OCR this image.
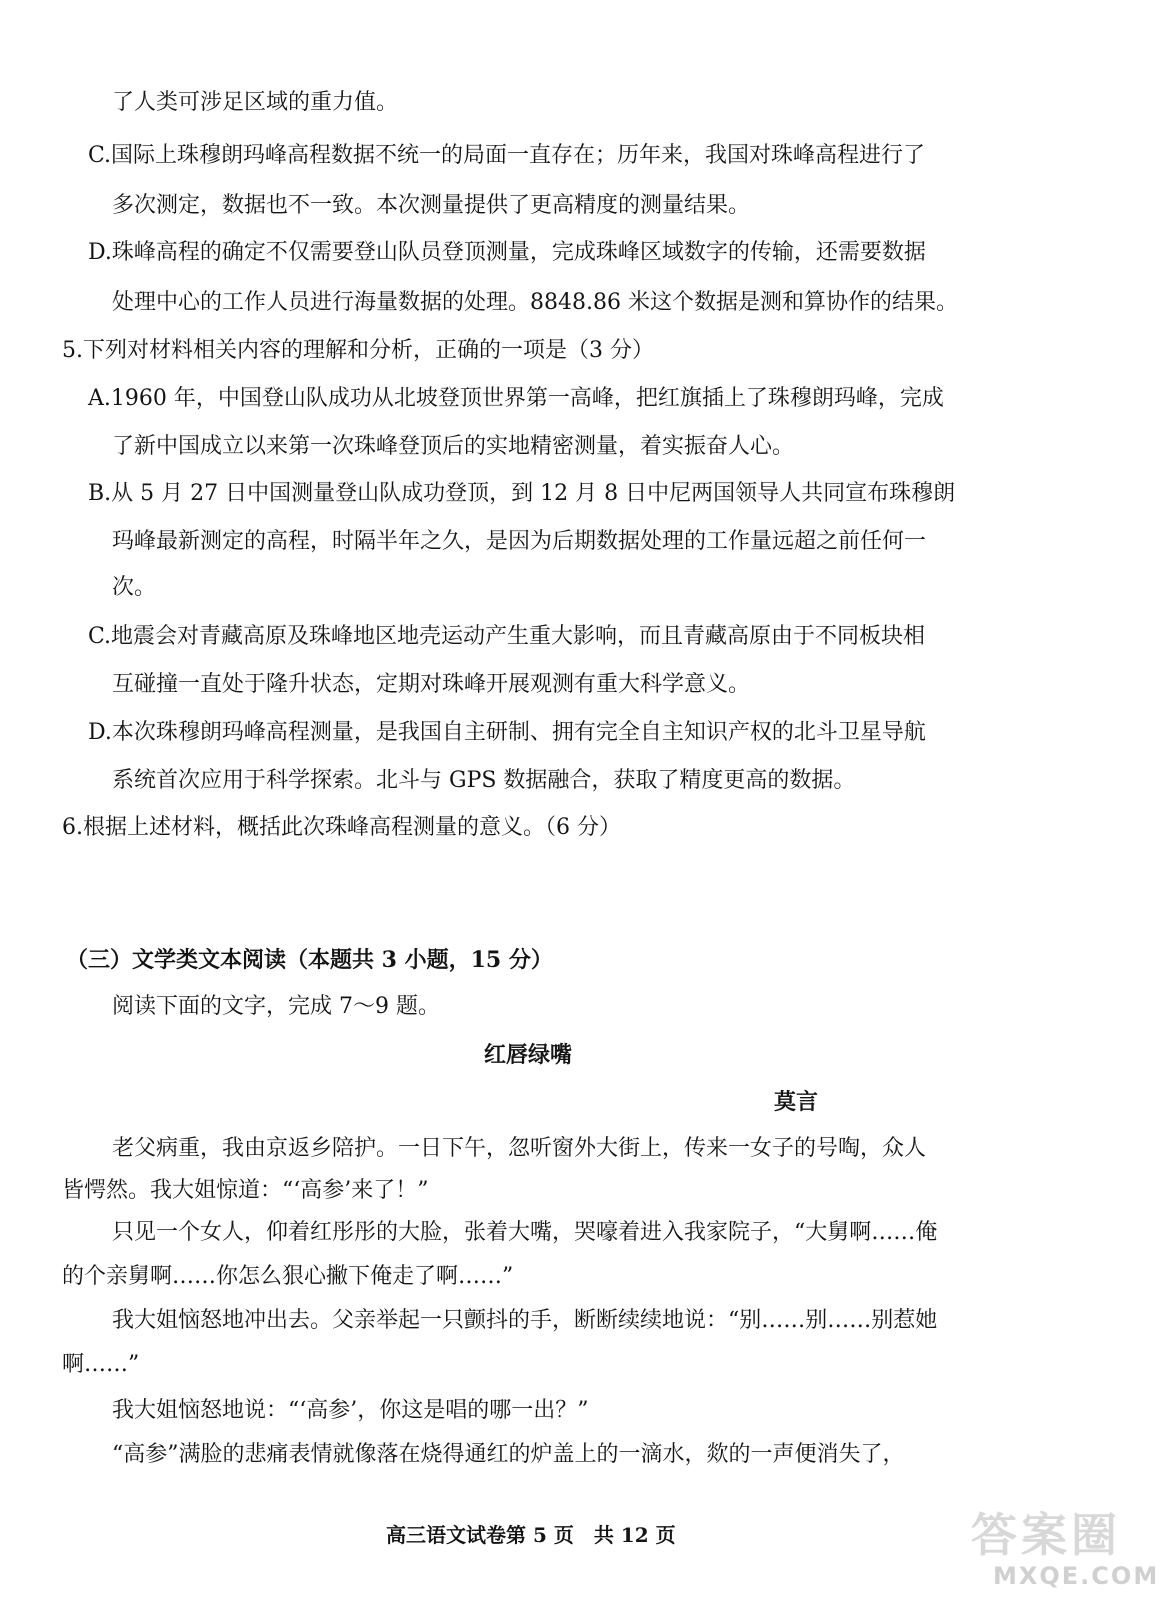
了人类可涉足区域的重力值。
C.国际上珠穆朗玛峰高程数据不统一的局面一直存在；历年来，我国对珠峰高程进行了
多次测定，数据也不一致。本次测量提供了更高精度的测量结果。
D.珠峰高程的确定不仅需要登山队员登顶测量，完成珠峰区域数字的传输，还需要数据
处理中心的工作人员进行海量数据的处理。8848.86 米这个数据是测和算协作的结果。
5.下列对材料相关内容的理解和分析，正确的一项是（3 分）
A.1960 年，中国登山队成功从北坡登顶世界第一高峰，把红旗插上了珠穆朗玛峰，完成
了新中国成立以来第一次珠峰登顶后的实地精密测量，着实振奋人心。
B.从 5 月 27 日中国测量登山队成功登顶，到 12 月 8 日中尼两国领导人共同宣布珠穆朗
玛峰最新测定的高程，时隔半年之久，是因为后期数据处理的工作量远超之前任何一
次。
C.地震会对青藏高原及珠峰地区地壳运动产生重大影响，而且青藏高原由于不同板块相
互碰撞一直处于隆升状态，定期对珠峰开展观测有重大科学意义。
D.本次珠穆朗玛峰高程测量，是我国自主研制、拥有完全自主知识产权的北斗卫星导航
系统首次应用于科学探索。北斗与 GPS 数据融合，获取了精度更高的数据。
6.根据上述材料，概括此次珠峰高程测量的意义。（6 分）
（三）文学类文本阅读（本题共 3 小题，15 分）
阅读下面的文字，完成 7～9 题。
红唇绿嘴
莫言
老父病重，我由京返乡陪护。一日下午，忽听窗外大街上，传来一女子的号啕，众人
皆愕然。我大姐惊道：“‘高参’来了！”
只见一个女人，仰着红彤彤的大脸，张着大嘴，哭嚎着进入我家院子，“大舅啊……俺
的个亲舅啊……你怎么狠心撇下俺走了啊……”
我大姐恼怒地冲出去。父亲举起一只颤抖的手，断断续续地说：“别……别……别惹她
啊……”
我大姐恼怒地说：“‘高参’，你这是唱的哪一出？”
“高参”满脸的悲痛表情就像落在烧得通红的炉盖上的一滴水，欻的一声便消失了，
高三语文试卷第 5 页　共 12 页	答案圈
MXQE.COM
